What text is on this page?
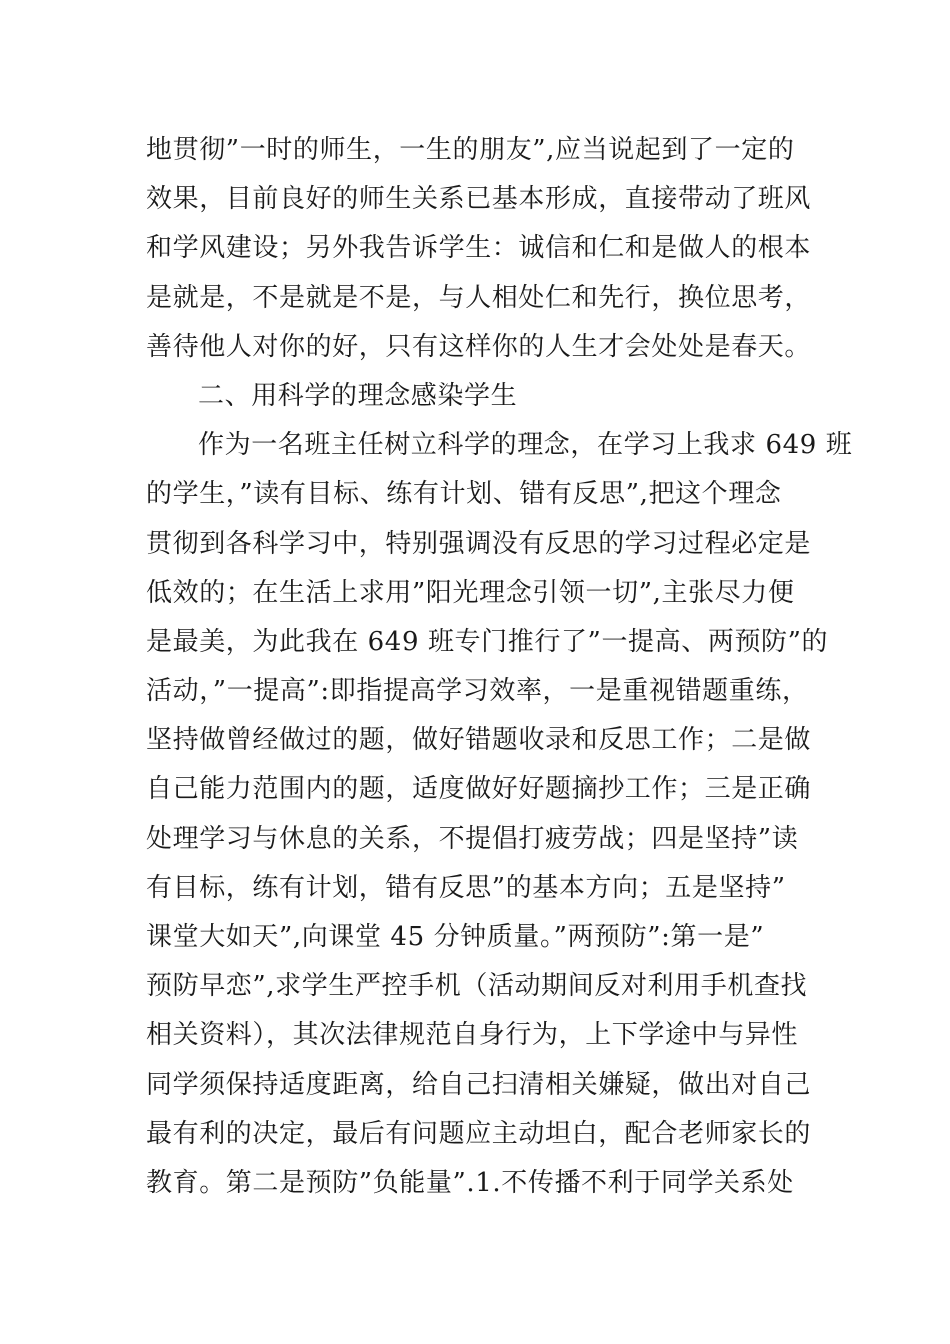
地贯彻”一时的师生，一生的朋友”,应当说起到了一定的
效果，目前良好的师生关系已基本形成，直接带动了班风
和学风建设；另外我告诉学生：诚信和仁和是做人的根本
是就是，不是就是不是，与人相处仁和先行，换位思考，
善待他人对你的好，只有这样你的人生才会处处是春天。
二、用科学的理念感染学生
作为一名班主任树立科学的理念，在学习上我求 649 班
的学生，”读有目标、练有计划、错有反思”,把这个理念
贯彻到各科学习中，特别强调没有反思的学习过程必定是
低效的；在生活上求用”阳光理念引领一切”,主张尽力便
是最美，为此我在 649 班专门推行了”一提高、两预防”的
活动，”一提高”:即指提高学习效率，一是重视错题重练，
坚持做曾经做过的题，做好错题收录和反思工作；二是做
自己能力范围内的题，适度做好好题摘抄工作；三是正确
处理学习与休息的关系，不提倡打疲劳战；四是坚持”读
有目标，练有计划，错有反思”的基本方向；五是坚持”
课堂大如天”,向课堂 45 分钟质量。”两预防”:第一是”
预防早恋”,求学生严控手机（活动期间反对利用手机查找
相关资料），其次法律规范自身行为，上下学途中与异性
同学须保持适度距离，给自己扫清相关嫌疑，做出对自己
最有利的决定，最后有问题应主动坦白，配合老师家长的
教育。第二是预防”负能量”.1.不传播不利于同学关系处
